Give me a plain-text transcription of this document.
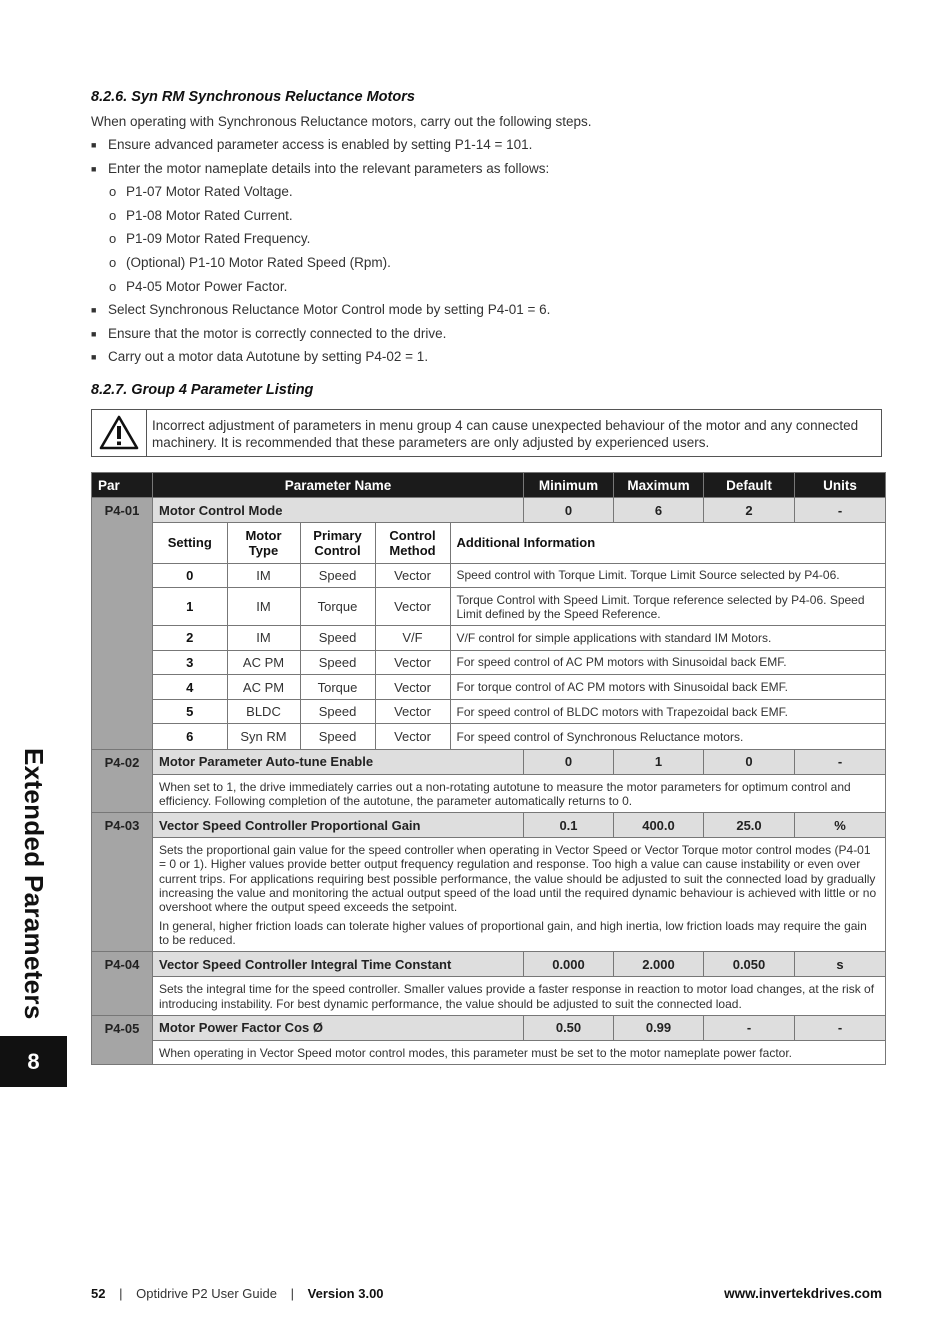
8.2.6. Syn RM Synchronous Reluctance Motors
When operating with Synchronous Reluctance motors, carry out the following steps.
■ Ensure advanced parameter access is enabled by setting P1-14 = 101.
■ Enter the motor nameplate details into the relevant parameters as follows:
o P1-07 Motor Rated Voltage.
o P1-08 Motor Rated Current.
o P1-09 Motor Rated Frequency.
o (Optional) P1-10 Motor Rated Speed (Rpm).
o P4-05 Motor Power Factor.
■ Select Synchronous Reluctance Motor Control mode by setting P4-01 = 6.
■ Ensure that the motor is correctly connected to the drive.
■ Carry out a motor data Autotune by setting P4-02 = 1.
8.2.7. Group 4 Parameter Listing
Incorrect adjustment of parameters in menu group 4 can cause unexpected behaviour of the motor and any connected machinery. It is recommended that these parameters are only adjusted by experienced users.
Par	Parameter Name	Minimum	Maximum	Default	Units
P4-01	Motor Control Mode	0	6	2	-

Setting	Motor Type	Primary Control	Control Method	Additional Information
0	IM	Speed	Vector	Speed control with Torque Limit. Torque Limit Source selected by P4-06.
1	IM	Torque	Vector	Torque Control with Speed Limit. Torque reference selected by P4-06. Speed Limit defined by the Speed Reference.
2	IM	Speed	V/F	V/F control for simple applications with standard IM Motors.
3	AC PM	Speed	Vector	For speed control of AC PM motors with Sinusoidal back EMF.
4	AC PM	Torque	Vector	For torque control of AC PM motors with Sinusoidal back EMF.
5	BLDC	Speed	Vector	For speed control of BLDC motors with Trapezoidal back EMF.
6	Syn RM	Speed	Vector	For speed control of Synchronous Reluctance motors.

P4-02	Motor Parameter Auto-tune Enable	0	1	0	-
When set to 1, the drive immediately carries out a non-rotating autotune to measure the motor parameters for optimum control and efficiency. Following completion of the autotune, the parameter automatically returns to 0.
P4-03	Vector Speed Controller Proportional Gain	0.1	400.0	25.0	%

Sets the proportional gain value for the speed controller when operating in Vector Speed or Vector Torque motor control modes (P4-01 = 0 or 1). Higher values provide better output frequency regulation and response. Too high a value can cause instability or even over current trips. For applications requiring best possible performance, the value should be adjusted to suit the connected load by gradually increasing the value and monitoring the actual output speed of the load until the required dynamic behaviour is achieved with little or no overshoot where the output speed exceeds the setpoint.

In general, higher friction loads can tolerate higher values of proportional gain, and high inertia, low friction loads may require the gain to be reduced.

P4-04	Vector Speed Controller Integral Time Constant	0.000	2.000	0.050	s
Sets the integral time for the speed controller. Smaller values provide a faster response in reaction to motor load changes, at the risk of introducing instability. For best dynamic performance, the value should be adjusted to suit the connected load.
P4-05	Motor Power Factor Cos Ø	0.50	0.99	-	-
When operating in Vector Speed motor control modes, this parameter must be set to the motor nameplate power factor.
Extended Parameters
8
52 | Optidrive P2 User Guide | Version 3.00	www.invertekdrives.com
